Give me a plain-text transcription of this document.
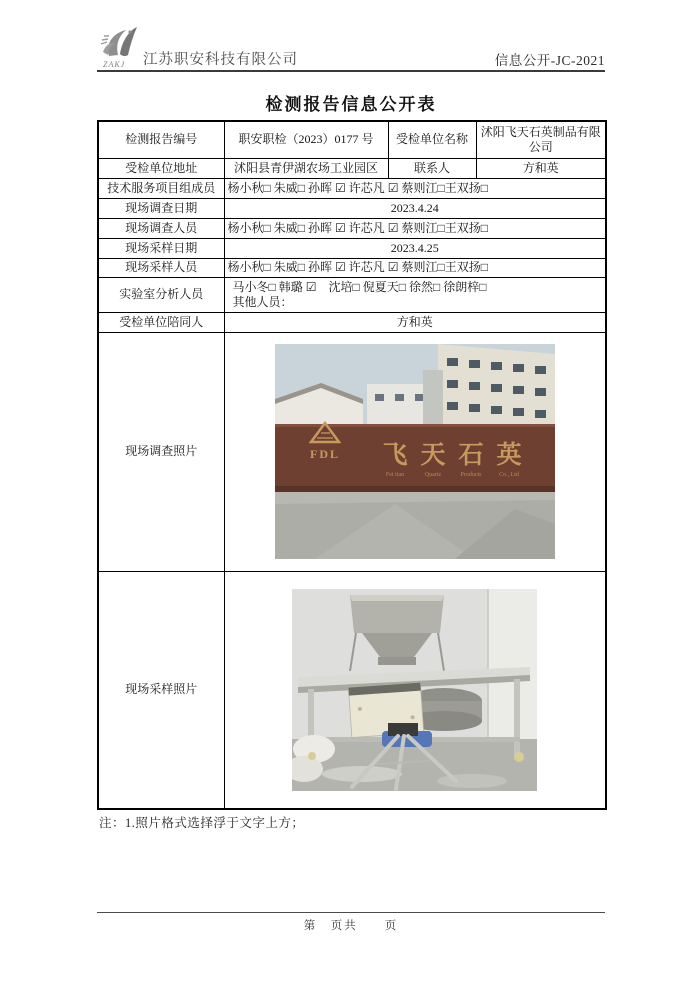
ZAKJ 江苏职安科技有限公司	信息公开-JC-2021
检测报告信息公开表
检测报告编号	职安职检（2023）0177 号	受检单位名称	沭阳飞天石英制品有限公司
受检单位地址	沭阳县青伊湖农场工业园区	联系人	方和英
技术服务项目组成员	杨小秋□ 朱威□ 孙晖 ☑ 许芯凡 ☑ 蔡则江□王双扬□		
现场调查日期	2023.4.24		
现场调查人员	杨小秋□ 朱威□ 孙晖 ☑ 许芯凡 ☑ 蔡则江□王双扬□		
现场采样日期	2023.4.25		
现场采样人员	杨小秋□ 朱威□ 孙晖 ☑ 许芯凡 ☑ 蔡则江□王双扬□		
实验室分析人员	马小冬□ 韩璐 ☑　沈培□ 倪夏天□ 徐然□ 徐朗梓□
其他人员：		

受检单位陪同人	方和英		
现场调查照片	FDL 飞 天 石 英
Fei tian	Quartz	Products	Co., Ltd

现场采样照片	
注：1.照片格式选择浮于文字上方；
第　页共　　页
